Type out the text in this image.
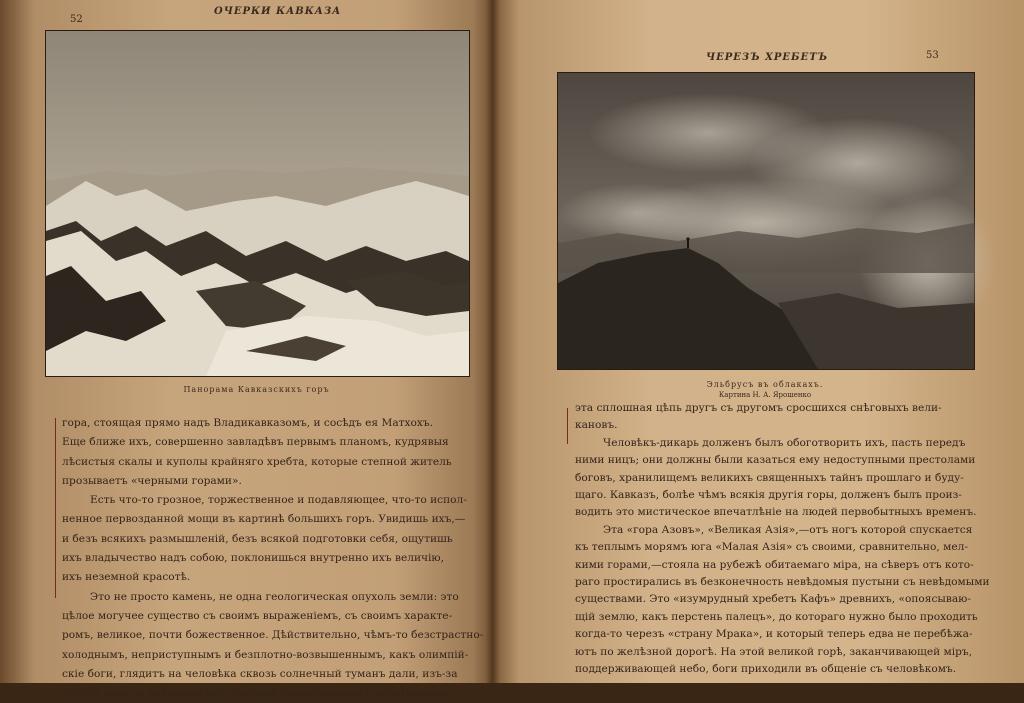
52
ОЧЕРКИ КАВКАЗА
Панорама Кавказскихъ горъ
гора, стоящая прямо надъ Владикавказомъ, и сосѣдъ ея Матхохъ.
Еще ближе ихъ, совершенно завладѣвъ первымъ планомъ, кудрявыя
лѣсистыя скалы и куполы крайняго хребта, которые степной житель
прозываетъ «черными горами».
Есть что-то грозное, торжественное и подавляющее, что-то испол-
ненное первозданной мощи въ картинѣ большихъ горъ. Увидишь ихъ,—
и безъ всякихъ размышленій, безъ всякой подготовки себя, ощутишь
ихъ владычество надъ собою, поклонишься внутренно ихъ величію,
ихъ неземной красотѣ.
Это не просто камень, не одна геологическая опухоль земли: это
цѣлое могучее существо съ своимъ выраженіемъ, съ своимъ характе-
ромъ, великое, почти божественное. Дѣйствительно, чѣмъ-то безстрастно-
холоднымъ, неприступнымъ и безплотно-возвышеннымъ, какъ олимпій-
скіе боги, глядитъ на человѣка сквозь солнечный туманъ дали, изъ-за
сотенъ верстъ, разрушая всѣ обычныя представленія о разстояніяхъ,
ЧЕРЕЗЪ ХРЕБЕТЪ	53
Эльбрусъ въ облакахъ.
Картина Н. А. Ярошенко
эта сплошная цѣпь другъ съ другомъ сросшихся снѣговыхъ вели-
кановъ.
Человѣкъ-дикарь долженъ былъ обоготворить ихъ, пасть передъ
ними ницъ; они должны были казаться ему недоступными престолами
боговъ, хранилищемъ великихъ священныхъ тайнъ прошлаго и буду-
щаго. Кавказъ, болѣе чѣмъ всякія другія горы, долженъ былъ произ-
водить это мистическое впечатлѣніе на людей первобытныхъ временъ.
Эта «гора Азовъ», «Великая Азія»,—отъ ногъ которой спускается
къ теплымъ морямъ юга «Малая Азія» съ своими, сравнительно, мел-
кими горами,—стояла на рубежѣ обитаемаго міра, на сѣверъ отъ кото-
раго простирались въ безконечность невѣдомыя пустыни съ невѣдомыми
существами. Это «изумрудный хребетъ Кафъ» древнихъ, «опоясываю-
щій землю, какъ перстень палецъ», до котораго нужно было проходить
когда-то черезъ «страну Мрака», и который теперь едва не перебѣжа-
ютъ по желѣзной дорогѣ. На этой великой горѣ, заканчивающей міръ,
поддерживающей небо, боги приходили въ общеніе съ человѣкомъ.
